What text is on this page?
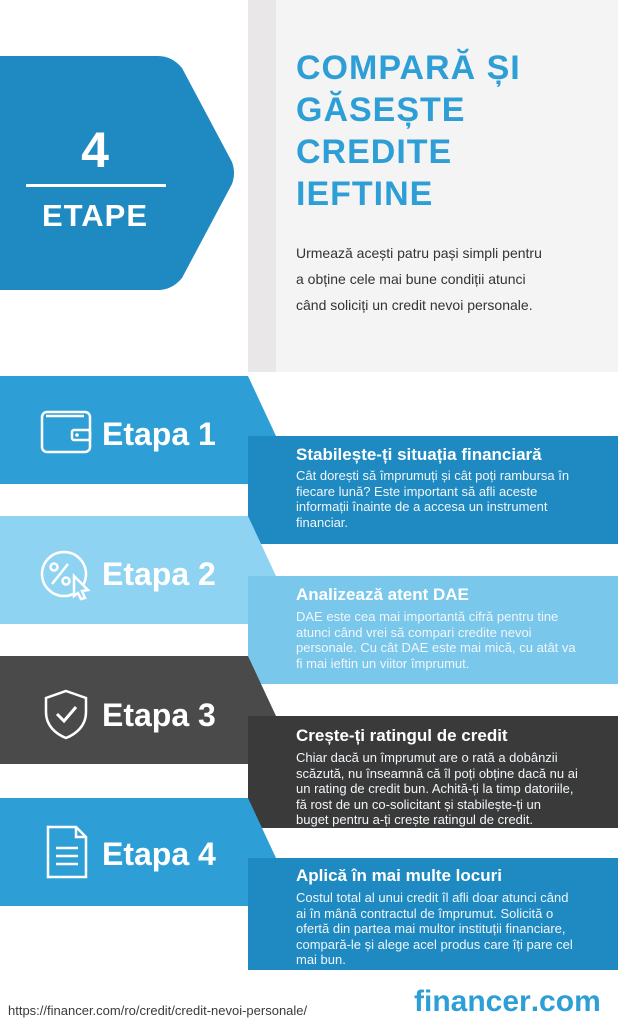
4
ETAPE
COMPARĂ ȘI
GĂSEȘTE
CREDITE
IEFTINE
Urmează acești patru pași simpli pentru
a obține cele mai bune condiții atunci
când soliciți un credit nevoi personale.
Etapa 1
Stabilește-ți situația financiară
Cât dorești să împrumuți și cât poți rambursa în
fiecare lună? Este important să afli aceste
informații înainte de a accesa un instrument
financiar.
Etapa 2
Analizează atent DAE
DAE este cea mai importantă cifră pentru tine
atunci când vrei să compari credite nevoi
personale. Cu cât DAE este mai mică, cu atât va
fi mai ieftin un viitor împrumut.
Etapa 3
Crește-ți ratingul de credit
Chiar dacă un împrumut are o rată a dobânzii
scăzută, nu înseamnă că îl poți obține dacă nu ai
un rating de credit bun. Achită-ți la timp datoriile,
fă rost de un co-solicitant și stabilește-ți un
buget pentru a-ți crește ratingul de credit.
Etapa 4
Aplică în mai multe locuri
Costul total al unui credit îl afli doar atunci când
ai în mână contractul de împrumut. Solicită o
ofertă din partea mai multor instituții financiare,
compară-le și alege acel produs care îți pare cel
mai bun.
https://financer.com/ro/credit/credit-nevoi-personale/	financer.com
